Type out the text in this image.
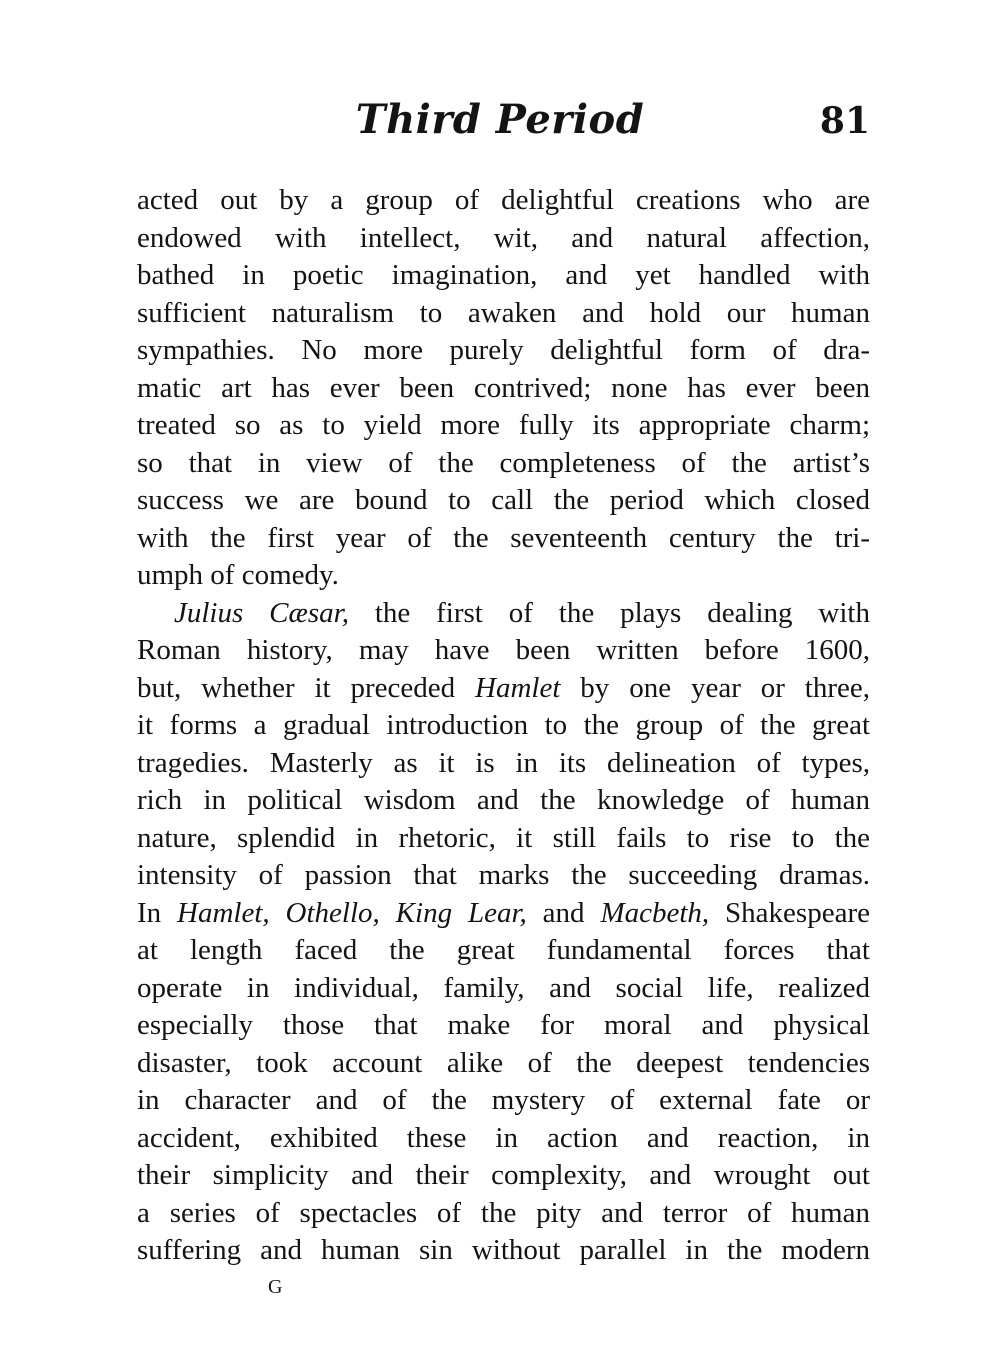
Third Period	81
acted out by a group of delightful creations who are
endowed with intellect, wit, and natural affection,
bathed in poetic imagination, and yet handled with
sufficient naturalism to awaken and hold our human
sympathies. No more purely delightful form of dra-
matic art has ever been contrived; none has ever been
treated so as to yield more fully its appropriate charm;
so that in view of the completeness of the artist’s
success we are bound to call the period which closed
with the first year of the seventeenth century the tri-
umph of comedy.
Julius Cæsar, the first of the plays dealing with
Roman history, may have been written before 1600,
but, whether it preceded Hamlet by one year or three,
it forms a gradual introduction to the group of the great
tragedies. Masterly as it is in its delineation of types,
rich in political wisdom and the knowledge of human
nature, splendid in rhetoric, it still fails to rise to the
intensity of passion that marks the succeeding dramas.
In Hamlet, Othello, King Lear, and Macbeth, Shakespeare
at length faced the great fundamental forces that
operate in individual, family, and social life, realized
especially those that make for moral and physical
disaster, took account alike of the deepest tendencies
in character and of the mystery of external fate or
accident, exhibited these in action and reaction, in
their simplicity and their complexity, and wrought out
a series of spectacles of the pity and terror of human
suffering and human sin without parallel in the modern
G
